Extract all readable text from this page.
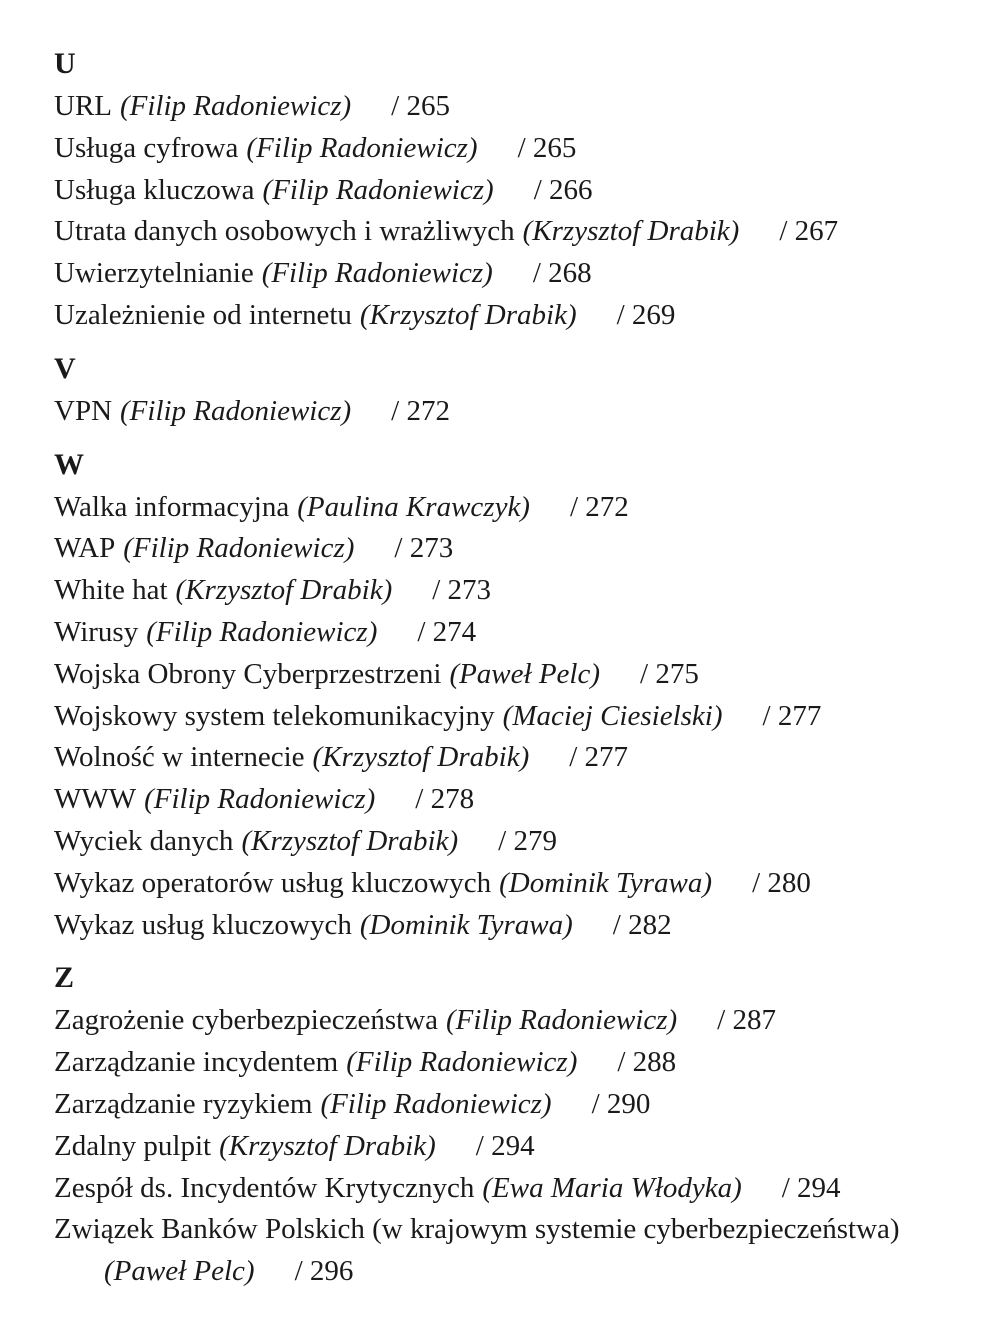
U
URL (Filip Radoniewicz) / 265
Usługa cyfrowa (Filip Radoniewicz) / 265
Usługa kluczowa (Filip Radoniewicz) / 266
Utrata danych osobowych i wrażliwych (Krzysztof Drabik) / 267
Uwierzytelnianie (Filip Radoniewicz) / 268
Uzależnienie od internetu (Krzysztof Drabik) / 269
V
VPN (Filip Radoniewicz) / 272
W
Walka informacyjna (Paulina Krawczyk) / 272
WAP (Filip Radoniewicz) / 273
White hat (Krzysztof Drabik) / 273
Wirusy (Filip Radoniewicz) / 274
Wojska Obrony Cyberprzestrzeni (Paweł Pelc) / 275
Wojskowy system telekomunikacyjny (Maciej Ciesielski) / 277
Wolność w internecie (Krzysztof Drabik) / 277
WWW (Filip Radoniewicz) / 278
Wyciek danych (Krzysztof Drabik) / 279
Wykaz operatorów usług kluczowych (Dominik Tyrawa) / 280
Wykaz usług kluczowych (Dominik Tyrawa) / 282
Z
Zagrożenie cyberbezpieczeństwa (Filip Radoniewicz) / 287
Zarządzanie incydentem (Filip Radoniewicz) / 288
Zarządzanie ryzykiem (Filip Radoniewicz) / 290
Zdalny pulpit (Krzysztof Drabik) / 294
Zespół ds. Incydentów Krytycznych (Ewa Maria Włodyka) / 294
Związek Banków Polskich (w krajowym systemie cyberbezpieczeństwa)
(Paweł Pelc) / 296
